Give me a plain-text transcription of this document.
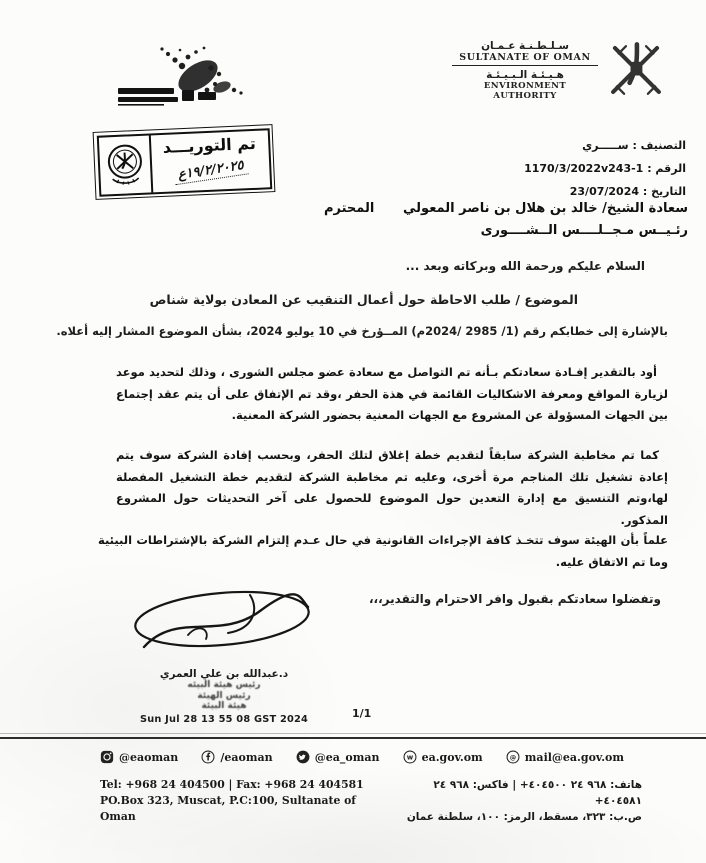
سـلـطـنـة عـمـان
SULTANATE OF OMAN
هـيـئـة الـبـيـئـة
ENVIRONMENT AUTHORITY
تم التوريـــد
١٩/٢/٢٠٢٥ع
التصنيف : ســـــري
الرقم : 1170/3/2022v243-1
التاريخ : 23/07/2024
سعادة الشيخ/ خالد بن هلال بن ناصر المعولي
المحترم
رئـيــس مـجــلــــس الــشــــورى
السلام عليكم ورحمة الله وبركاته وبعد ...
الموضوع / طلب الاحاطة حول أعمال التنقيب عن المعادن بولاية شناص
بالإشارة إلى خطابكم رقم (1/ 2985 /2024م) المــؤرخ في 10 يوليو 2024، بشأن الموضوع المشار إليه أعلاه.

أود بالتقدير إفـادة سعادتكم بـأنه تم التواصل مع سعادة عضو مجلس الشورى ، وذلك لتحديد موعد لزيارة المواقع ومعرفة الاشكاليات القائمة في هذة الحفر ،وقد تم الإتفاق على أن يتم عقد إجتماع بين الجهات المسؤولة عن المشروع مع الجهات المعنية بحضور الشركة المعنية.

كما تم مخاطبة الشركة سابقاً لتقديم خطة إغلاق لتلك الحفر، وبحسب إفادة الشركة سوف يتم إعادة تشغيل تلك المناجم مرة أخرى، وعليه تم مخاطبة الشركة لتقديم خطة التشغيل المفصلة لها،وتم التنسيق مع إدارة التعدين حول الموضوع للحصول على آخر التحديثات حول المشروع المذكور.

علماً بأن الهيئة سوف تتخـذ كافة الإجراءات القانونية في حال عـدم إلتزام الشركة بالإشتراطات البيئية وما تم الاتفاق عليه.

وتفضلوا سعادتكم بقبول وافر الاحترام والتقدير،،،
د.عبدالله بن علي العمري
رئيس هيئة البيئه
رئيس الهيئة
هيئة البيئة
Sun Jul 28 13 55 08 GST 2024	1/1
@eaoman	/eaoman	@ea_oman w ea.gov.om @ mail@ea.gov.om
Tel: +968 24 404500 | Fax: +968 24 404581
PO.Box 323, Muscat, P.C:100, Sultanate of Oman
هاتف: ٩٦٨ ٢٤ ٤٠٤٥٠٠+ | فاكس: ٩٦٨ ٢٤ ٤٠٤٥٨١+
ص.ب: ٣٢٣، مسقط، الرمز: ١٠٠، سلطنة عمان
